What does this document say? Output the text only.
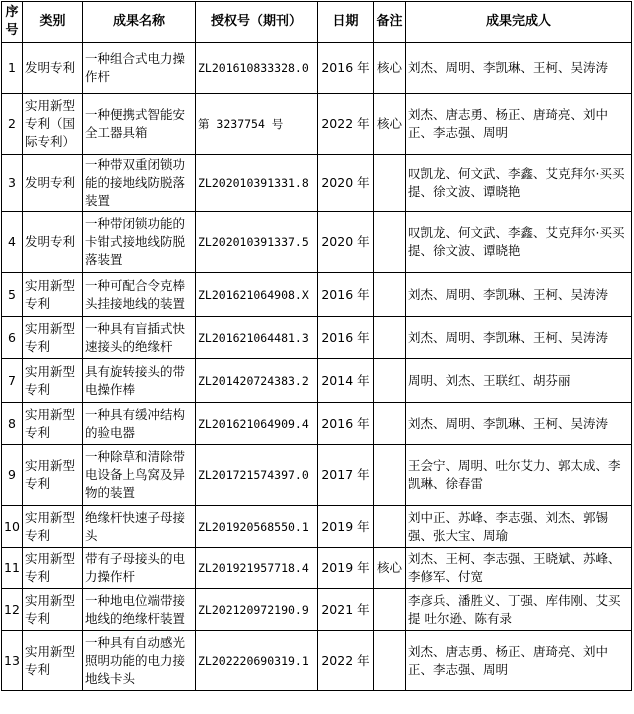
序号	类别	成果名称	授权号（期刊）	日期	备注	成果完成人
1	发明专利	一种组合式电力操作杆	ZL201610833328.0	2016 年	核心	刘杰、周明、李凯琳、王柯、吴涛涛
2	实用新型专利（国际专利）	一种便携式智能安全工器具箱	第 3237754 号	2022 年	核心	刘杰、唐志勇、杨正、唐琦亮、刘中正、李志强、周明
3	发明专利	一种带双重闭锁功能的接地线防脱落装置	ZL202010391331.8	2020 年		叹凯龙、何文武、李鑫、艾克拜尔·买买提、徐文波、谭晓艳
4	发明专利	一种带闭锁功能的卡钳式接地线防脱落装置	ZL202010391337.5	2020 年		叹凯龙、何文武、李鑫、艾克拜尔·买买提、徐文波、谭晓艳
5	实用新型专利	一种可配合令克棒头挂接地线的装置	ZL201621064908.X	2016 年		刘杰、周明、李凯琳、王柯、吴涛涛
6	实用新型专利	一种具有盲插式快速接头的绝缘杆	ZL201621064481.3	2016 年		刘杰、周明、李凯琳、王柯、吴涛涛
7	实用新型专利	具有旋转接头的带电操作棒	ZL201420724383.2	2014 年		周明、刘杰、王联红、胡芬丽
8	实用新型专利	一种具有缓冲结构的验电器	ZL201621064909.4	2016 年		刘杰、周明、李凯琳、王柯、吴涛涛
9	实用新型专利	一种除草和清除带电设备上鸟窝及异物的装置	ZL201721574397.0	2017 年		王会宁、周明、吐尔艾力、郭太成、李凯琳、徐春雷
10	实用新型专利	绝缘杆快速子母接头	ZL201920568550.1	2019 年		刘中正、苏峰、李志强、刘杰、郭锡强、张大宝、周瑜
11	实用新型专利	带有子母接头的电力操作杆	ZL201921957718.4	2019 年	核心	刘杰、王柯、李志强、王晓斌、苏峰、李修军、付宽
12	实用新型专利	一种地电位端带接地线的绝缘杆装置	ZL202120972190.9	2021 年		李彦兵、潘胜义、丁强、库伟刚、艾买提 吐尔逊、陈有录
13	实用新型专利	一种具有自动感光照明功能的电力接地线卡头	ZL202220690319.1	2022 年		刘杰、唐志勇、杨正、唐琦亮、刘中正、李志强、周明
